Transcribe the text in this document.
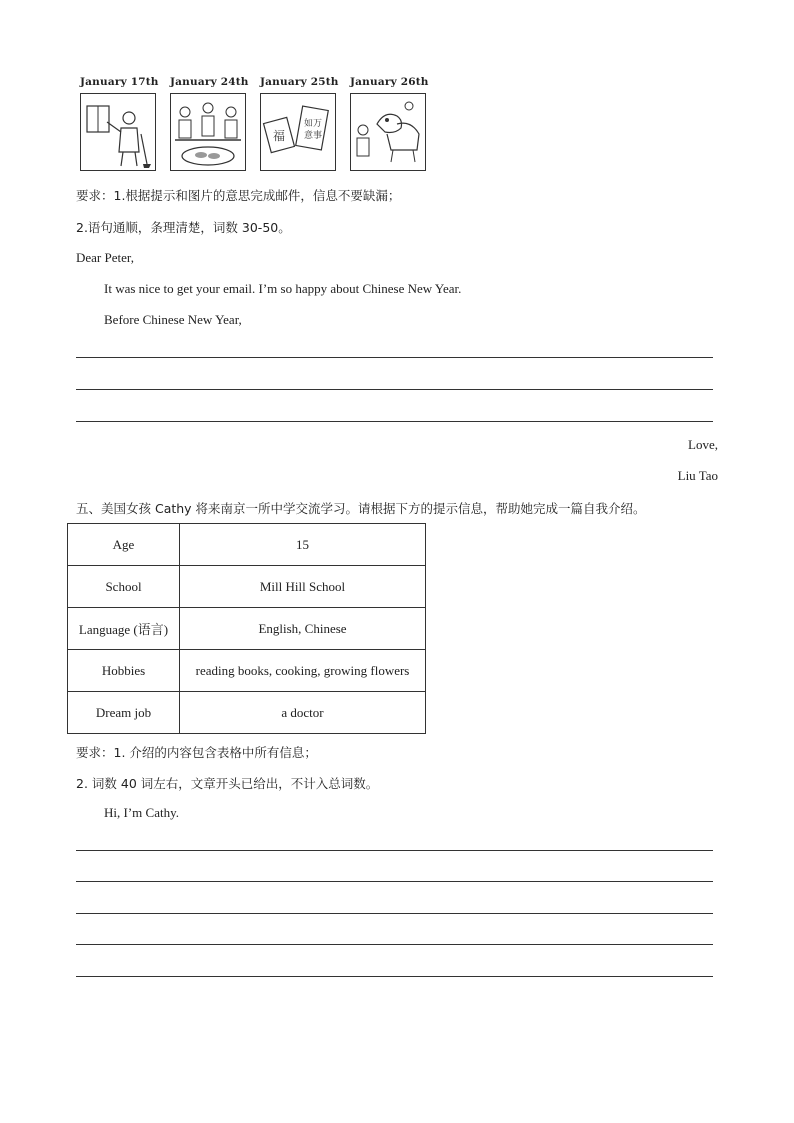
January 17th January 24th January 25th
福
如万
意事
January 26th
要求：1.根据提示和图片的意思完成邮件，信息不要缺漏；
2.语句通顺，条理清楚，词数 30-50。
Dear Peter,
It was nice to get your email. I’m so happy about Chinese New Year.
Before Chinese New Year,
Love,
Liu Tao
五、美国女孩 Cathy 将来南京一所中学交流学习。请根据下方的提示信息，帮助她完成一篇自我介绍。
Age	15
School	Mill Hill School
Language (语言)	English, Chinese
Hobbies	reading books, cooking, growing flowers
Dream job	a doctor
要求：1. 介绍的内容包含表格中所有信息；
2. 词数 40 词左右，文章开头已给出，不计入总词数。
Hi, I’m Cathy.
